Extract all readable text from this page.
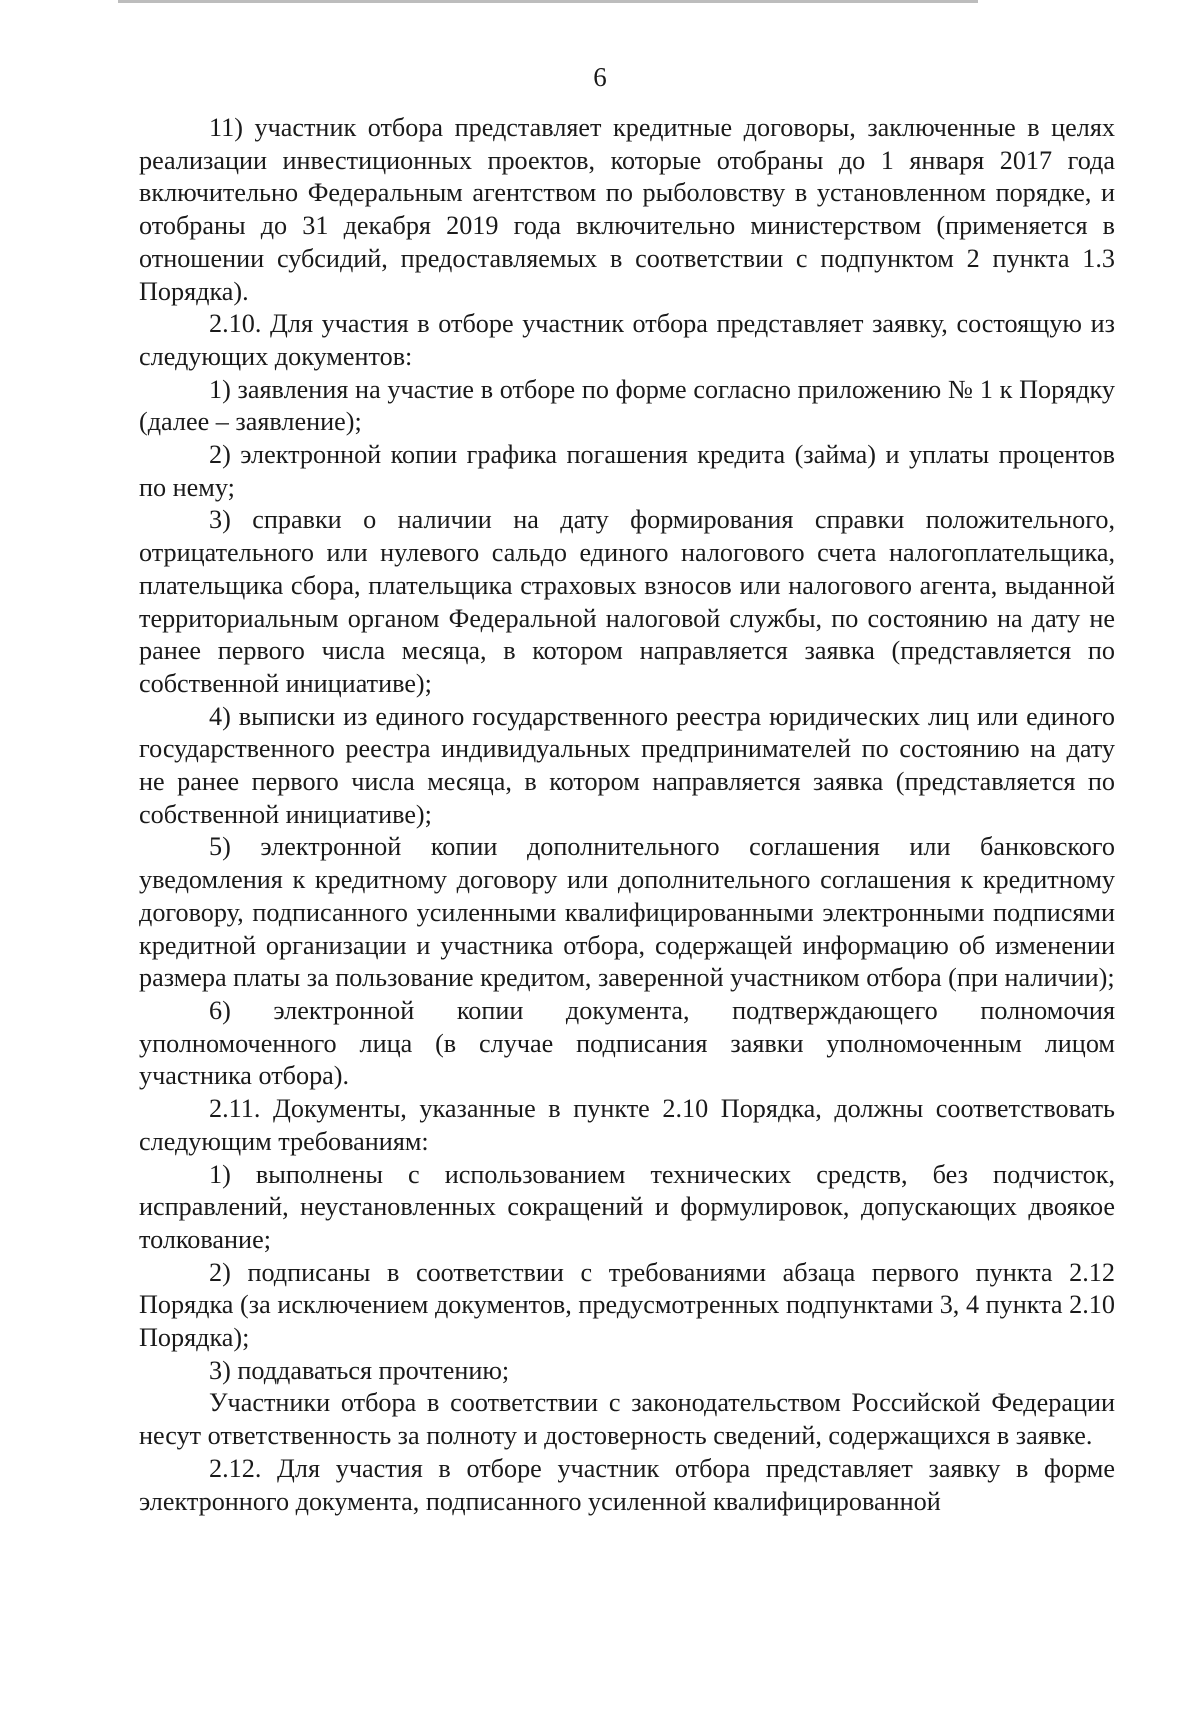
6

11) участник отбора представляет кредитные договоры, заключенные в целях реализации инвестиционных проектов, которые отобраны до 1 января 2017 года включительно Федеральным агентством по рыболовству в установленном порядке, и отобраны до 31 декабря 2019 года включительно министерством (применяется в отношении субсидий, предоставляемых в соответствии с подпунктом 2 пункта 1.3 Порядка).

2.10. Для участия в отборе участник отбора представляет заявку, состоящую из следующих документов:

1) заявления на участие в отборе по форме согласно приложению № 1 к Порядку (далее – заявление);

2) электронной копии графика погашения кредита (займа) и уплаты процентов по нему;

3) справки о наличии на дату формирования справки положительного, отрицательного или нулевого сальдо единого налогового счета налогоплательщика, плательщика сбора, плательщика страховых взносов или налогового агента, выданной территориальным органом Федеральной налоговой службы, по состоянию на дату не ранее первого числа месяца, в котором направляется заявка (представляется по собственной инициативе);

4) выписки из единого государственного реестра юридических лиц или единого государственного реестра индивидуальных предпринимателей по состоянию на дату не ранее первого числа месяца, в котором направляется заявка (представляется по собственной инициативе);

5) электронной копии дополнительного соглашения или банковского уведомления к кредитному договору или дополнительного соглашения к кредитному договору, подписанного усиленными квалифицированными электронными подписями кредитной организации и участника отбора, содержащей информацию об изменении размера платы за пользование кредитом, заверенной участником отбора (при наличии);

6) электронной копии документа, подтверждающего полномочия уполномоченного лица (в случае подписания заявки уполномоченным лицом участника отбора).

2.11. Документы, указанные в пункте 2.10 Порядка, должны соответствовать следующим требованиям:

1) выполнены с использованием технических средств, без подчисток, исправлений, неустановленных сокращений и формулировок, допускающих двоякое толкование;

2) подписаны в соответствии с требованиями абзаца первого пункта 2.12 Порядка (за исключением документов, предусмотренных подпунктами 3, 4 пункта 2.10 Порядка);

3) поддаваться прочтению;

Участники отбора в соответствии с законодательством Российской Федерации несут ответственность за полноту и достоверность сведений, содержащихся в заявке.

2.12. Для участия в отборе участник отбора представляет заявку в форме электронного документа, подписанного усиленной квалифицированной
